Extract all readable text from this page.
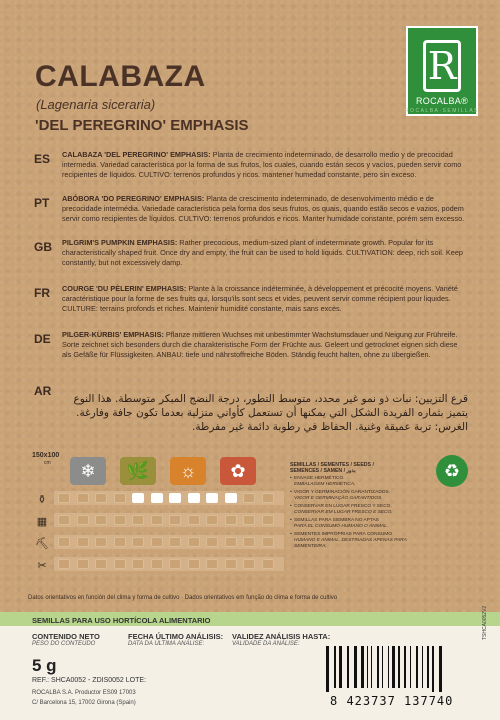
R
ROCALBA®
ROCALBA·SEMILLAS
CALABAZA
(Lagenaria siceraria)
'DEL PEREGRINO' EMPHASIS
ES CALABAZA 'DEL PEREGRINO' EMPHASIS: Planta de crecimiento indeterminado, de desarrollo medio y de precocidad intermedia. Variedad característica por la forma de sus frutos, los cuales, cuando están secos y vacíos, pueden servir como recipientes de líquidos. CULTIVO: terrenos profundos y ricos. mantener humedad constante, pero sin exceso.
PT ABÓBORA 'DO PEREGRINO' EMPHASIS: Planta de crescimento indeterminado, de desenvolvimento médio e de precocidade intermédia. Variedade característica pela forma dos seus frutos, os quais, quando estão secos e vazios, podem servir como recipientes de líquidos. CULTIVO: terrenos profundos e ricos. Manter humidade constante, porém sem excesso.
GB PILGRIM'S PUMPKIN EMPHASIS: Rather precocious, medium-sized plant of indeterminate growth. Popular for its characteristically shaped fruit. Once dry and empty, the fruit can be used to hold liquids. CULTIVATION: deep, rich soil. Keep constantly, but not excessively damp.
FR COURGE 'DU PÈLERIN' EMPHASIS: Plante à la croissance indéterminée, à développement et précocité moyens. Variété caractéristique pour la forme de ses fruits qui, lorsqu'ils sont secs et vides, peuvent servir comme récipient pour liquides. CULTURE: terrains profonds et riches. Maintenir humidité constante, mais sans excès.
DE PILGER-KÜRBIS' EMPHASIS: Pflanze mittleren Wuchses mit unbestimmter Wachstumsdauer und Neigung zur Frühreife. Sorte zeichnet sich besonders durch die charakteristische Form der Früchte aus. Geleert und getrocknet eignen sich diese als Gefäße für Flüssigkeiten. ANBAU: tiefe und nährstoffreiche Böden. Ständig feucht halten, ohne zu übergießen.
AR
قرع التزيين: نبات ذو نمو غير محدد، متوسط التطور، درجة النضج المبكر متوسطة. هذا النوع يتميز بثماره الفريدة الشكل التي يمكنها أن تستعمل كأواني منزلية بعدما تكون جافة وفارغة. الغرس: تربة عميقة وغنية. الحفاظ في رطوبة دائمة غير مفرطة.
150x100
cm	❄	🌿	☼	✿
⚱
▦
⛏
✂
SEMILLAS / SEMENTES / SEEDS /
SEMENCES / SAMEN / بذور
• ENVASE HERMÉTICO.
EMBALAGEM HERMÉTICA.
• VIGOR Y GERMINACIÓN GARANTIZADOS.
VIGOR E GERMINAÇÃO GARANTIDOS.
• CONSERVAR EN LUGAR FRESCO Y SECO.
CONSERVAR EM LUGAR FRESCO E SECO.
• SEMILLAS PARA SIEMBRA NO APTAS
PARA EL CONSUMO HUMANO O ANIMAL.
• SEMENTES IMPRÓPRIAS PARA CONSUMO
HUMANO E ANIMAL. DESTINADAS APENAS PARA SEMENTEIRA.
♻
Datos orientativos en función del clima y forma de cultivo · Dados orientativos em função do clima e forma de cultivo
SEMILLAS PARA USO HORTÍCOLA ALIMENTARIO
CONTENIDO NETO
PESO DO CONTEÚDO
5 g
FECHA ÚLTIMO ANÁLISIS:
DATA DA ÚLTIMA ANÁLISE:
VALIDEZ ANÁLISIS HASTA:
VALIDADE DA ANÁLISE:
REF.: SHCA0052 - ZDIS0052 LOTE:
ROCALBA S.A. Productor ES09 17003
C/ Barcelona 15, 17002 Girona (Spain)	8 423737 137740
TSHCA0052V2
